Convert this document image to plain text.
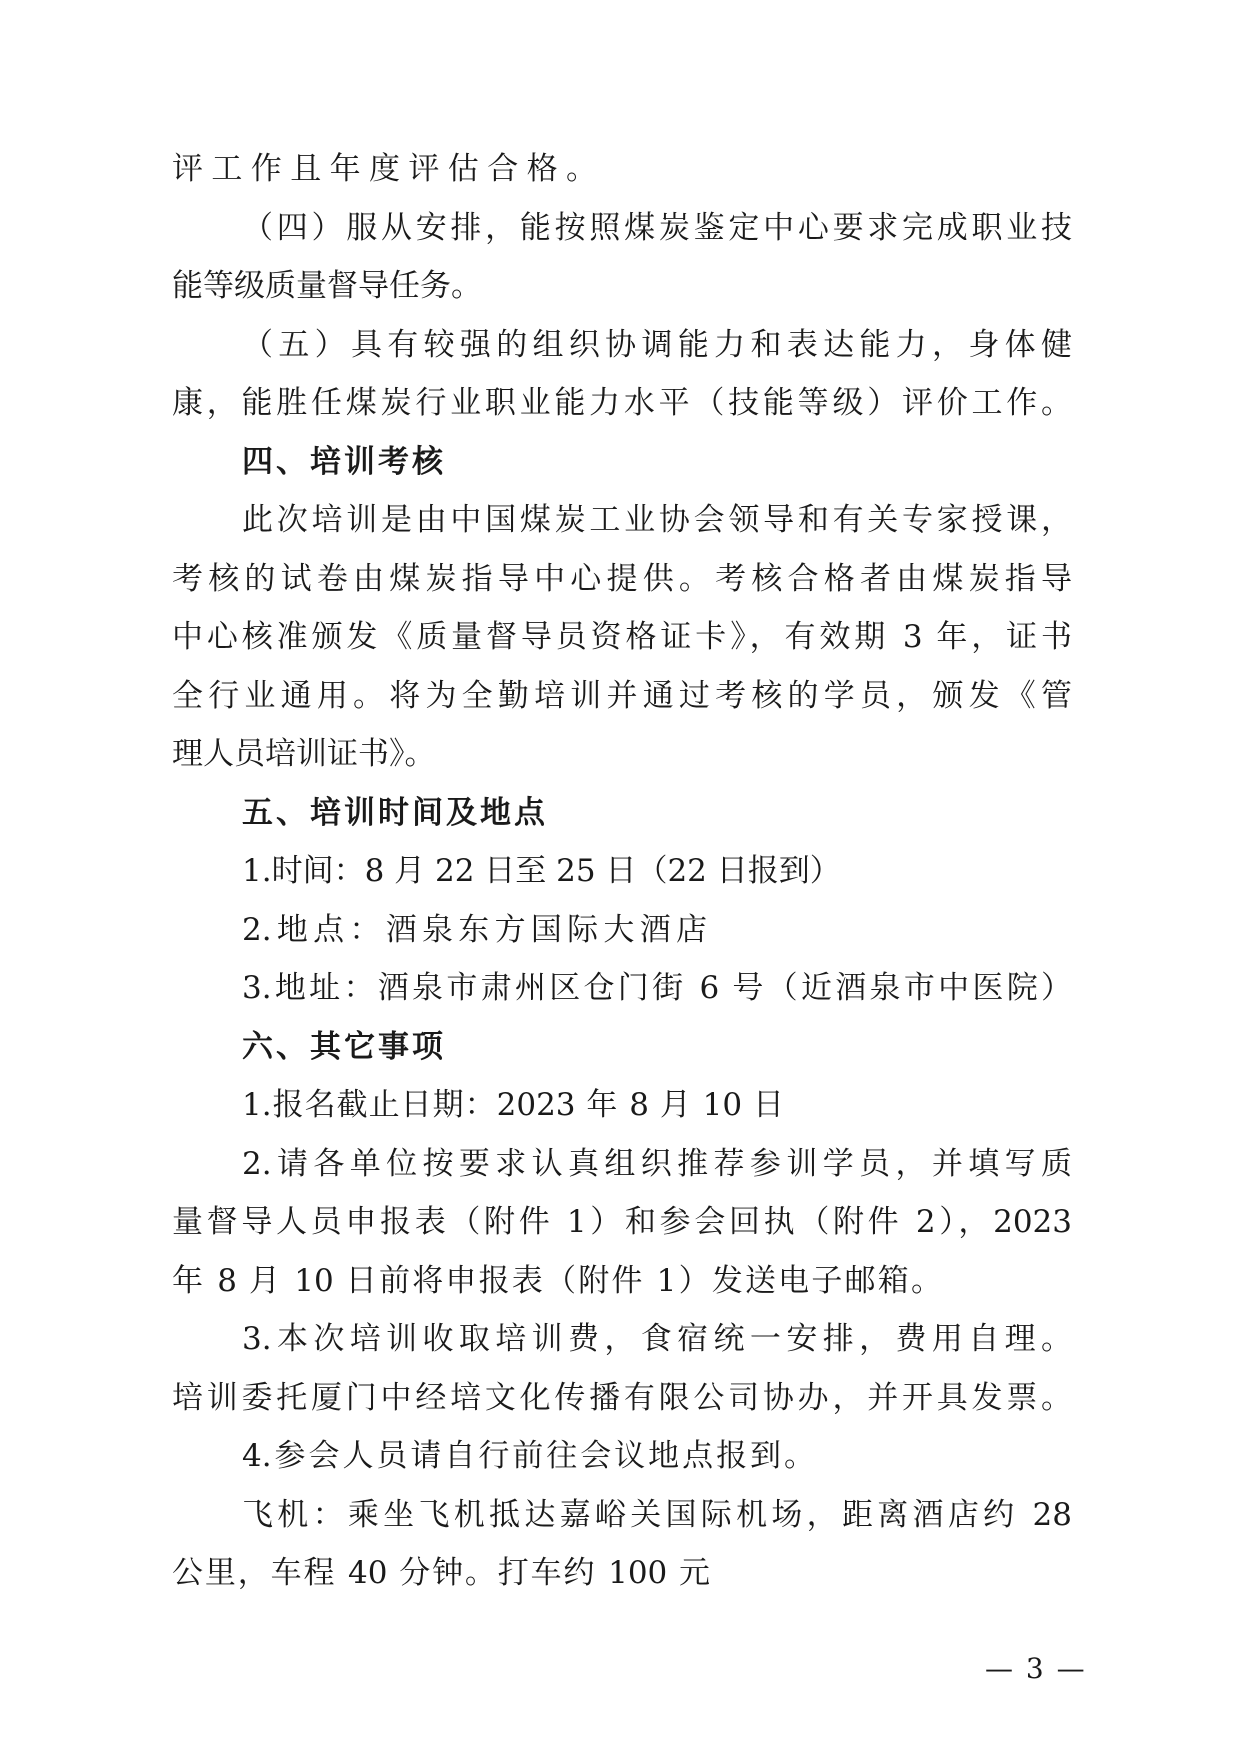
评工作且年度评估合格。
（四）服从安排，能按照煤炭鉴定中心要求完成职业技
能等级质量督导任务。
（五）具有较强的组织协调能力和表达能力，身体健
康，能胜任煤炭行业职业能力水平（技能等级）评价工作。
四、培训考核
此次培训是由中国煤炭工业协会领导和有关专家授课，
考核的试卷由煤炭指导中心提供。考核合格者由煤炭指导
中心核准颁发《质量督导员资格证卡》，有效期 3 年，证书
全行业通用。将为全勤培训并通过考核的学员，颁发《管
理人员培训证书》。
五、培训时间及地点
1.时间：8 月 22 日至 25 日（22 日报到）
2.地点：酒泉东方国际大酒店
3.地址：酒泉市肃州区仓门街 6 号（近酒泉市中医院）
六、其它事项
1.报名截止日期：2023 年 8 月 10 日
2.请各单位按要求认真组织推荐参训学员，并填写质
量督导人员申报表（附件 1）和参会回执（附件 2），2023
年 8 月 10 日前将申报表（附件 1）发送电子邮箱。
3.本次培训收取培训费，食宿统一安排，费用自理。
培训委托厦门中经培文化传播有限公司协办，并开具发票。
4.参会人员请自行前往会议地点报到。
飞机：乘坐飞机抵达嘉峪关国际机场，距离酒店约 28
公里，车程 40 分钟。打车约 100 元
— 3 —
